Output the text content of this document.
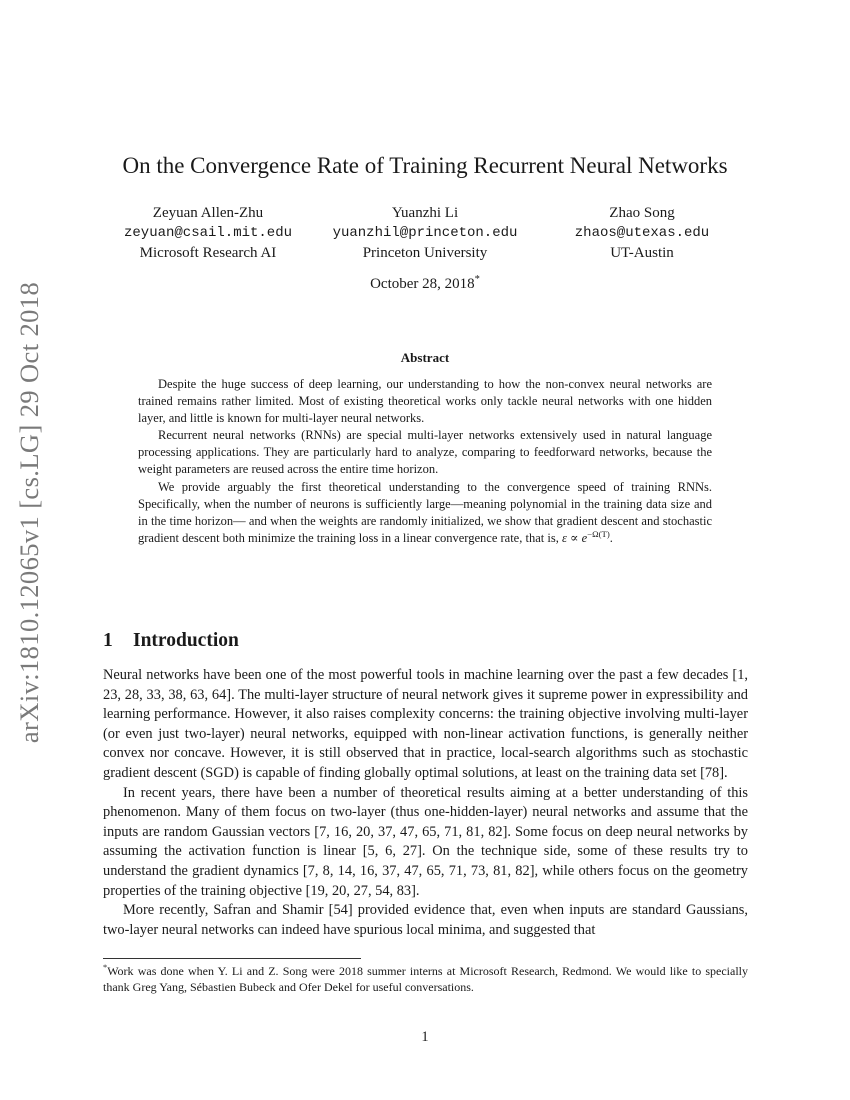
arXiv:1810.12065v1 [cs.LG] 29 Oct 2018
On the Convergence Rate of Training Recurrent Neural Networks
Zeyuan Allen-Zhu
zeyuan@csail.mit.edu
Microsoft Research AI
Yuanzhi Li
yuanzhil@princeton.edu
Princeton University
Zhao Song
zhaos@utexas.edu
UT-Austin
October 28, 2018*
Abstract

Despite the huge success of deep learning, our understanding to how the non-convex neural networks are trained remains rather limited. Most of existing theoretical works only tackle neural networks with one hidden layer, and little is known for multi-layer neural networks.

Recurrent neural networks (RNNs) are special multi-layer networks extensively used in natural language processing applications. They are particularly hard to analyze, comparing to feedforward networks, because the weight parameters are reused across the entire time horizon.

We provide arguably the first theoretical understanding to the convergence speed of training RNNs. Specifically, when the number of neurons is sufficiently large—meaning polynomial in the training data size and in the time horizon— and when the weights are randomly initialized, we show that gradient descent and stochastic gradient descent both minimize the training loss in a linear convergence rate, that is, $\varepsilon \propto e^{-\Omega(T)}$.

1 Introduction

Neural networks have been one of the most powerful tools in machine learning over the past a few decades [1, 23, 28, 33, 38, 63, 64]. The multi-layer structure of neural network gives it supreme power in expressibility and learning performance. However, it also raises complexity concerns: the training objective involving multi-layer (or even just two-layer) neural networks, equipped with non-linear activation functions, is generally neither convex nor concave. However, it is still observed that in practice, local-search algorithms such as stochastic gradient descent (SGD) is capable of finding globally optimal solutions, at least on the training data set [78].

In recent years, there have been a number of theoretical results aiming at a better understanding of this phenomenon. Many of them focus on two-layer (thus one-hidden-layer) neural networks and assume that the inputs are random Gaussian vectors [7, 16, 20, 37, 47, 65, 71, 81, 82]. Some focus on deep neural networks by assuming the activation function is linear [5, 6, 27]. On the technique side, some of these results try to understand the gradient dynamics [7, 8, 14, 16, 37, 47, 65, 71, 73, 81, 82], while others focus on the geometry properties of the training objective [19, 20, 27, 54, 83].

More recently, Safran and Shamir [54] provided evidence that, even when inputs are standard Gaussians, two-layer neural networks can indeed have spurious local minima, and suggested that

*Work was done when Y. Li and Z. Song were 2018 summer interns at Microsoft Research, Redmond. We would like to specially thank Greg Yang, Sébastien Bubeck and Ofer Dekel for useful conversations.
1
